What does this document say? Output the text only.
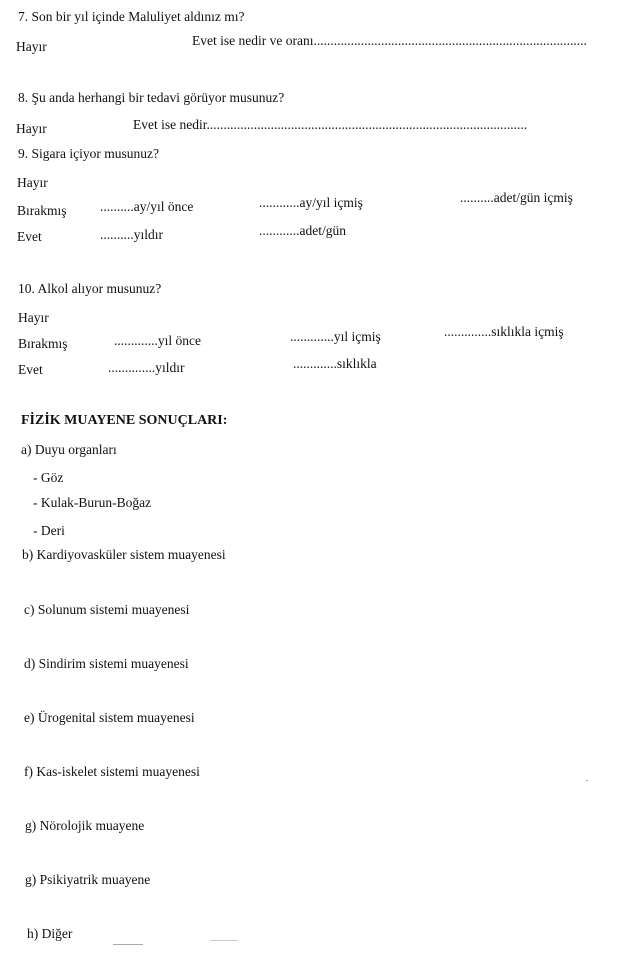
7. Son bir yıl içinde Maluliyet aldınız mı?
Hayır	Evet ise nedir ve oranı.................................................................................
8. Şu anda herhangi bir tedavi görüyor musunuz?
Hayır	Evet ise nedir...............................................................................................
9. Sigara içiyor musunuz?
Hayır
Bırakmış ..........ay/yıl önce	............ay/yıl içmiş	..........adet/gün içmiş
Evet	..........yıldır	............adet/gün
10. Alkol alıyor musunuz?
Hayır
Bırakmış	.............yıl önce	.............yıl içmiş	..............sıklıkla içmiş
Evet	..............yıldır	.............sıklıkla
FİZİK MUAYENE SONUÇLARI:
a) Duyu organları
- Göz
- Kulak-Burun-Boğaz
- Deri
b) Kardiyovasküler sistem muayenesi
c) Solunum sistemi muayenesi
d) Sindirim sistemi muayenesi
e) Ürogenital sistem muayenesi
f) Kas-iskelet sistemi muayenesi
g) Nörolojik muayene
g) Psikiyatrik muayene
h) Diğer
